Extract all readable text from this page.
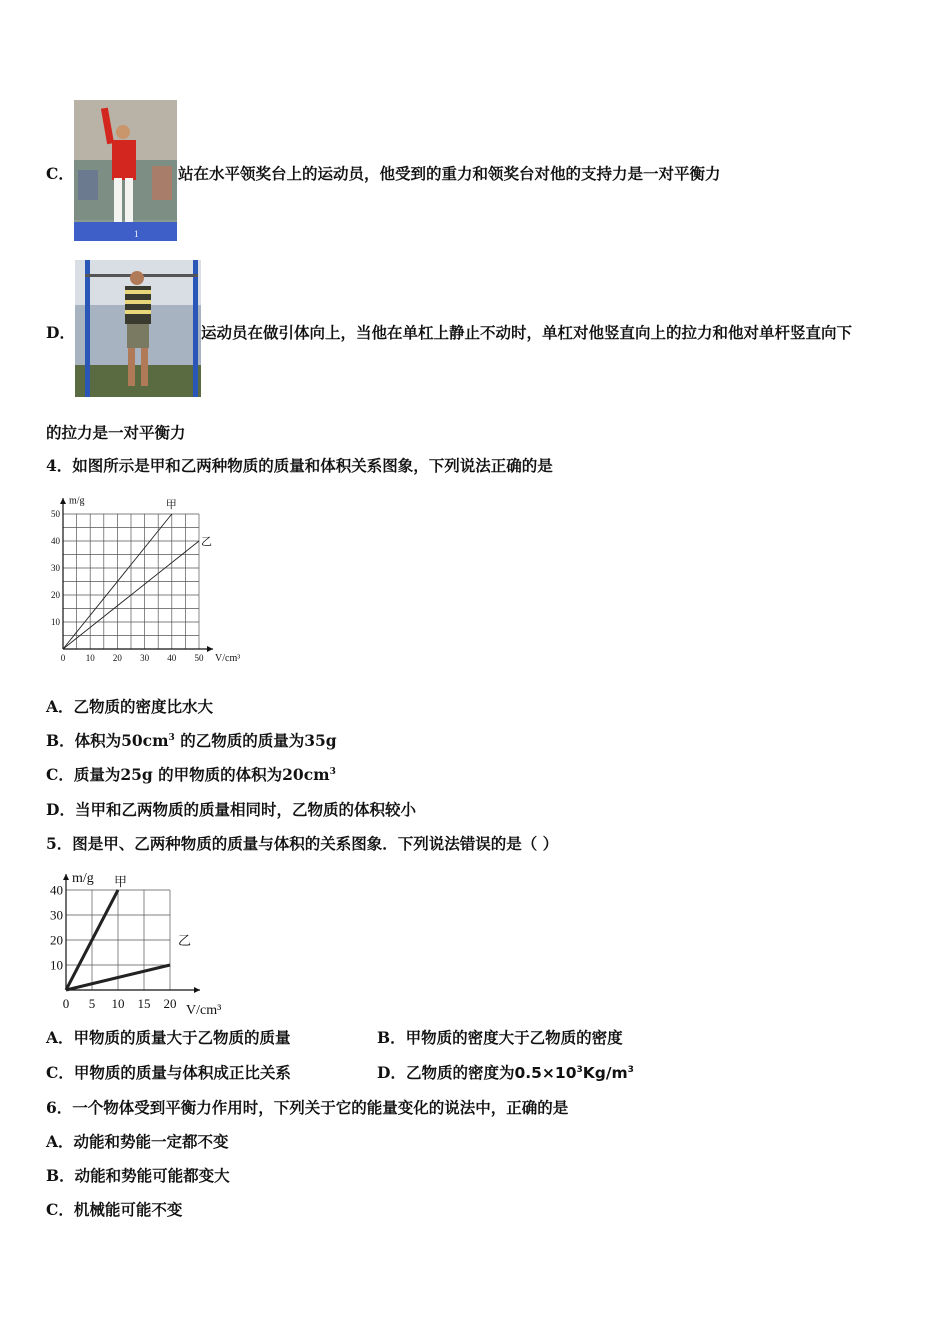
1
C．	站在水平领奖台上的运动员，他受到的重力和领奖台对他的支持力是一对平衡力
D．	运动员在做引体向上，当他在单杠上静止不动时，单杠对他竖直向上的拉力和他对单杆竖直向下
的拉力是一对平衡力
4．如图所示是甲和乙两种物质的质量和体积关系图象，下列说法正确的是
甲
乙
0 10 20 30 40 50
10
20
30
40
50
m/g
V/cm³
A．乙物质的密度比水大
B．体积为$50cm^3$ 的乙物质的质量为35g
C．质量为25g 的甲物质的体积为$20cm^3$
D．当甲和乙两物质的质量相同时，乙物质的体积较小
5．图是甲、乙两种物质的质量与体积的关系图象．下列说法错误的是（ ）
甲
乙
0 5 10 15 20
10
20
30
40
m/g
V/cm³
A．甲物质的质量大于乙物质的质量	B．甲物质的密度大于乙物质的密度
C．甲物质的质量与体积成正比关系	D．乙物质的密度为$0.5\times 10^3Kg/m^3$
6．一个物体受到平衡力作用时，下列关于它的能量变化的说法中，正确的是
A．动能和势能一定都不变
B．动能和势能可能都变大
C．机械能可能不变
